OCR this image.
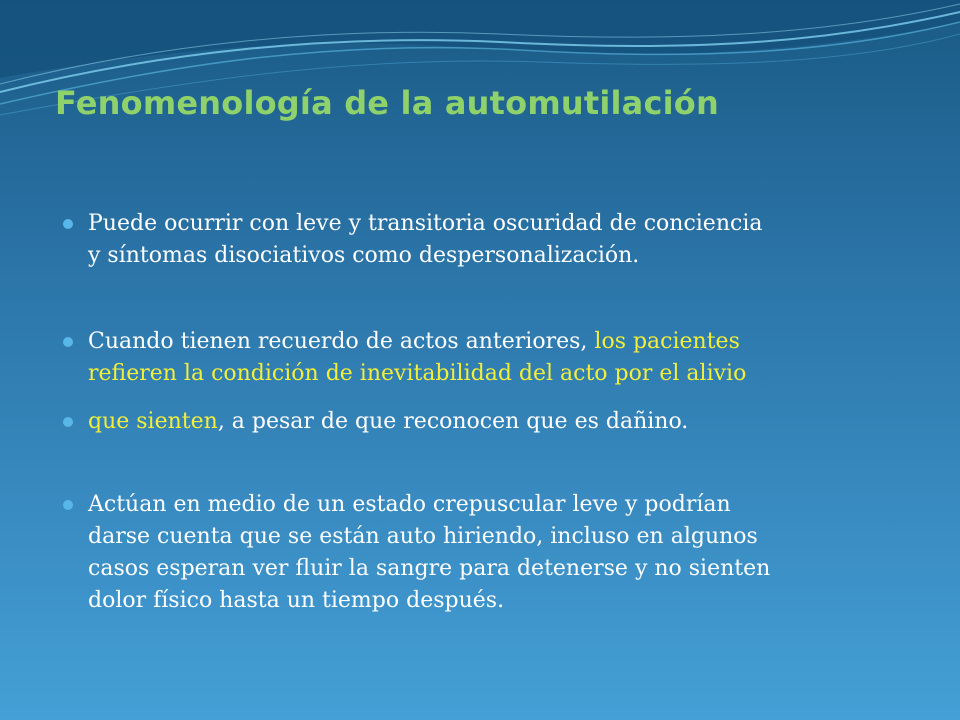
Fenomenología de la automutilación
Puede ocurrir con leve y transitoria oscuridad de conciencia
y síntomas disociativos como despersonalización.
Cuando tienen recuerdo de actos anteriores, los pacientes
refieren la condición de inevitabilidad del acto por el alivio
que sienten, a pesar de que reconocen que es dañino.
Actúan en medio de un estado crepuscular leve y podrían
darse cuenta que se están auto hiriendo, incluso en algunos
casos esperan ver fluir la sangre para detenerse y no sienten
dolor físico hasta un tiempo después.
